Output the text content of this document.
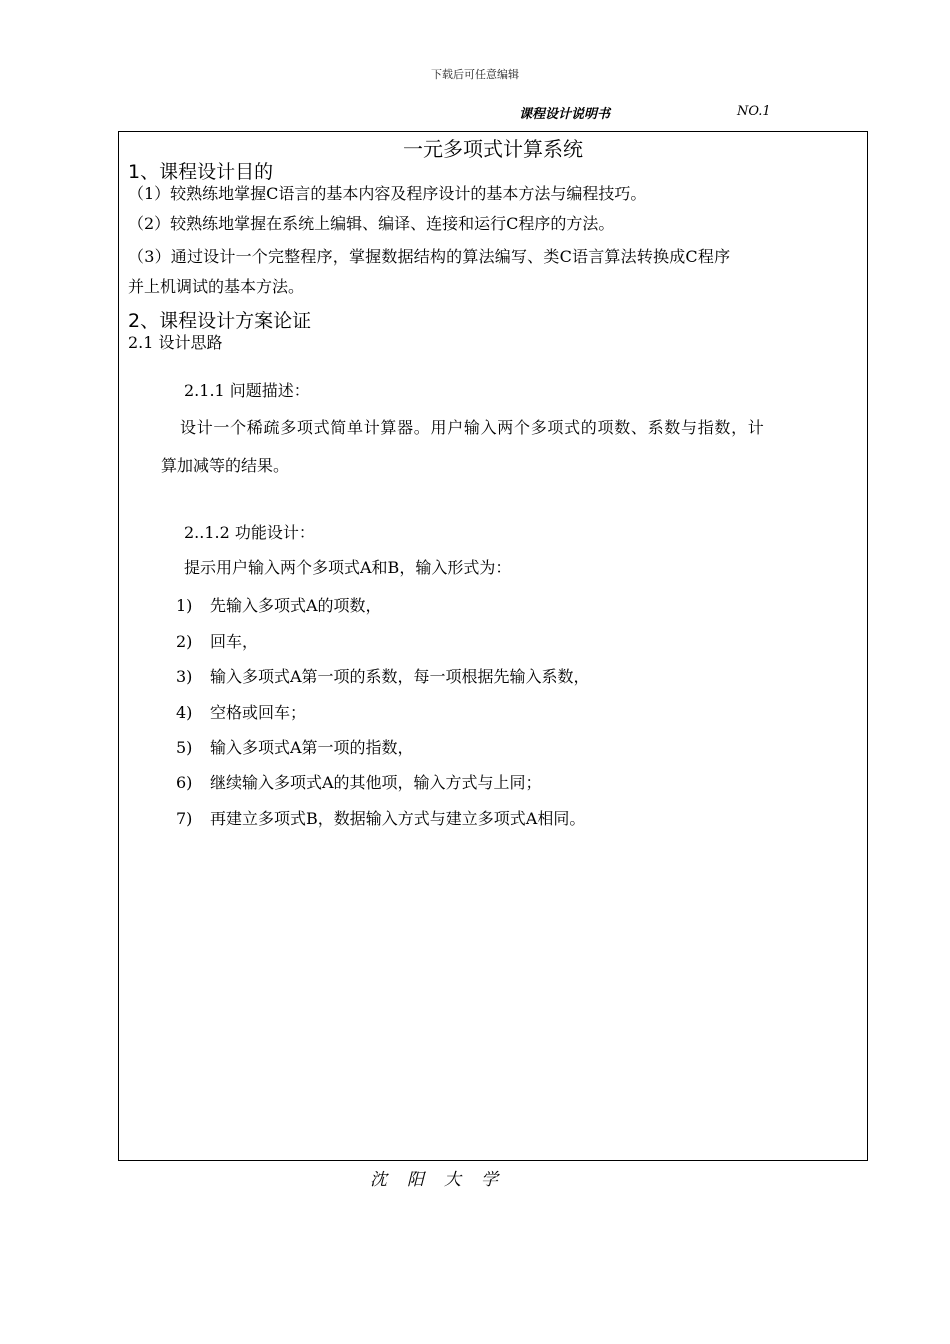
下载后可任意编辑
课程设计说明书	NO.1
一元多项式计算系统
1、课程设计目的
（1）较熟练地掌握C语言的基本内容及程序设计的基本方法与编程技巧。
（2）较熟练地掌握在系统上编辑、编译、连接和运行C程序的方法。
（3）通过设计一个完整程序，掌握数据结构的算法编写、类C语言算法转换成C程序
并上机调试的基本方法。
2、课程设计方案论证
2.1 设计思路
2.1.1 问题描述：
设计一个稀疏多项式简单计算器。用户输入两个多项式的项数、系数与指数，计
算加减等的结果。
2..1.2 功能设计：
提示用户输入两个多项式A和B，输入形式为：
1) 先输入多项式A的项数，
2) 回车，
3) 输入多项式A第一项的系数，每一项根据先输入系数，
4) 空格或回车；
5) 输入多项式A第一项的指数，
6) 继续输入多项式A的其他项，输入方式与上同；
7) 再建立多项式B，数据输入方式与建立多项式A相同。
沈阳大学
